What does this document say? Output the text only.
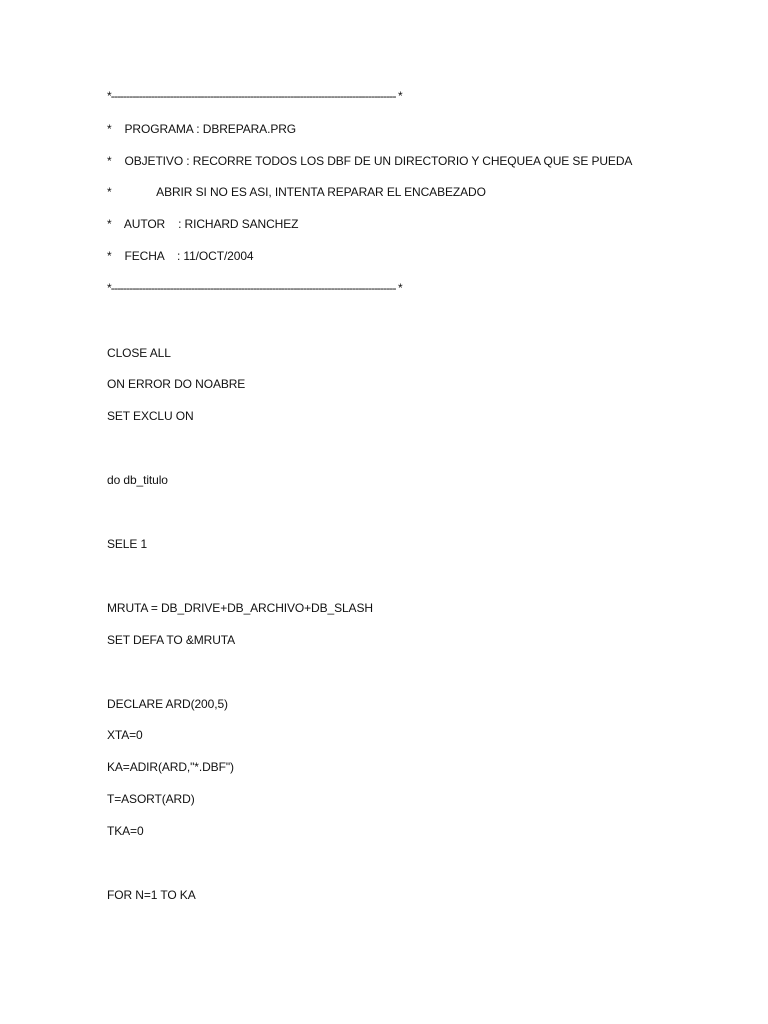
*-------------------------------------------------------------------------------------------- *
*    PROGRAMA : DBREPARA.PRG
*    OBJETIVO : RECORRE TODOS LOS DBF DE UN DIRECTORIO Y CHEQUEA QUE SE PUEDA
*              ABRIR SI NO ES ASI, INTENTA REPARAR EL ENCABEZADO
*    AUTOR    : RICHARD SANCHEZ
*    FECHA    : 11/OCT/2004
*-------------------------------------------------------------------------------------------- *
CLOSE ALL
ON ERROR DO NOABRE
SET EXCLU ON
do db_titulo
SELE 1
MRUTA = DB_DRIVE+DB_ARCHIVO+DB_SLASH
SET DEFA TO &MRUTA
DECLARE ARD(200,5)
XTA=0
KA=ADIR(ARD,"*.DBF")
T=ASORT(ARD)
TKA=0
FOR N=1 TO KA
